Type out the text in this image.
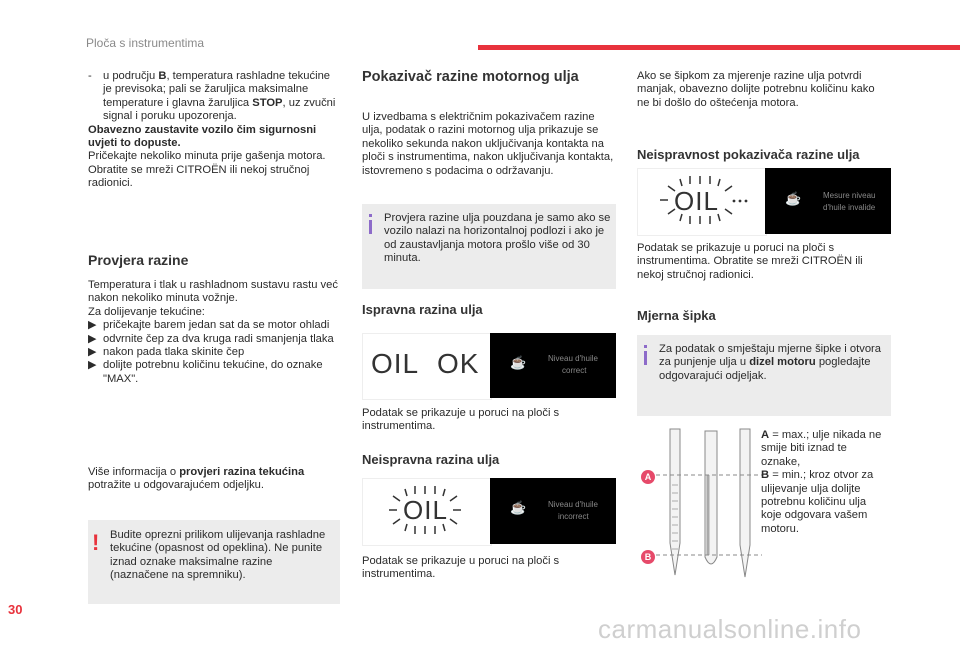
Ploča s instrumentima
-	u području B, temperatura rashladne tekućine je previsoka; pali se žaruljica maksimalne temperature i glavna žaruljica STOP, uz zvučni signal i poruku upozorenja.
Obavezno zaustavite vozilo čim sigurnosni uvjeti to dopuste.
Pričekajte nekoliko minuta prije gašenja motora.
Obratite se mreži CITROËN ili nekoj stručnoj radionici.
Provjera razine
Temperatura i tlak u rashladnom sustavu rastu već nakon nekoliko minuta vožnje.
Za dolijevanje tekućine:
▶ pričekajte barem jedan sat da se motor ohladi
▶ odvrnite čep za dva kruga radi smanjenja tlaka
▶ nakon pada tlaka skinite čep
▶ dolijte potrebnu količinu tekućine, do oznake "MAX".
Više informacija o provjeri razina tekućina potražite u odgovarajućem odjeljku.
! Budite oprezni prilikom ulijevanja rashladne tekućine (opasnost od opeklina). Ne punite iznad oznake maksimalne razine (naznačene na spremniku).
Pokazivač razine motornog ulja
U izvedbama s električnim pokazivačem razine ulja, podatak o razini motornog ulja prikazuje se nekoliko sekunda nakon uključivanja kontakta na ploči s instrumentima, nakon uključivanja kontakta, istovremeno s podacima o održavanju.
Provjera razine ulja pouzdana je samo ako se vozilo nalazi na horizontalnoj podlozi i ako je od zaustavljanja motora prošlo više od 30 minuta.
Ispravna razina ulja
OIL OK ☕	Niveau d'huile
correct
Podatak se prikazuje u poruci na ploči s instrumentima.
Neispravna razina ulja
OIL	☕	Niveau d'huile
incorrect
Podatak se prikazuje u poruci na ploči s instrumentima.
Ako se šipkom za mjerenje razine ulja potvrdi manjak, obavezno dolijte potrebnu količinu kako ne bi došlo do oštećenja motora.
Neispravnost pokazivača razine ulja
OIL	☕	Mesure niveau
d'huile invalide
Podatak se prikazuje u poruci na ploči s instrumentima. Obratite se mreži CITROËN ili nekoj stručnoj radionici.
Mjerna šipka
Za podatak o smještaju mjerne šipke i otvora za punjenje ulja u dizel motoru pogledajte odgovarajući odjeljak.
A
B
A = max.; ulje nikada ne smije biti iznad te oznake,
B = min.; kroz otvor za ulijevanje ulja dolijte potrebnu količinu ulja koje odgovara vašem motoru.
30
carmanualsonline.info
